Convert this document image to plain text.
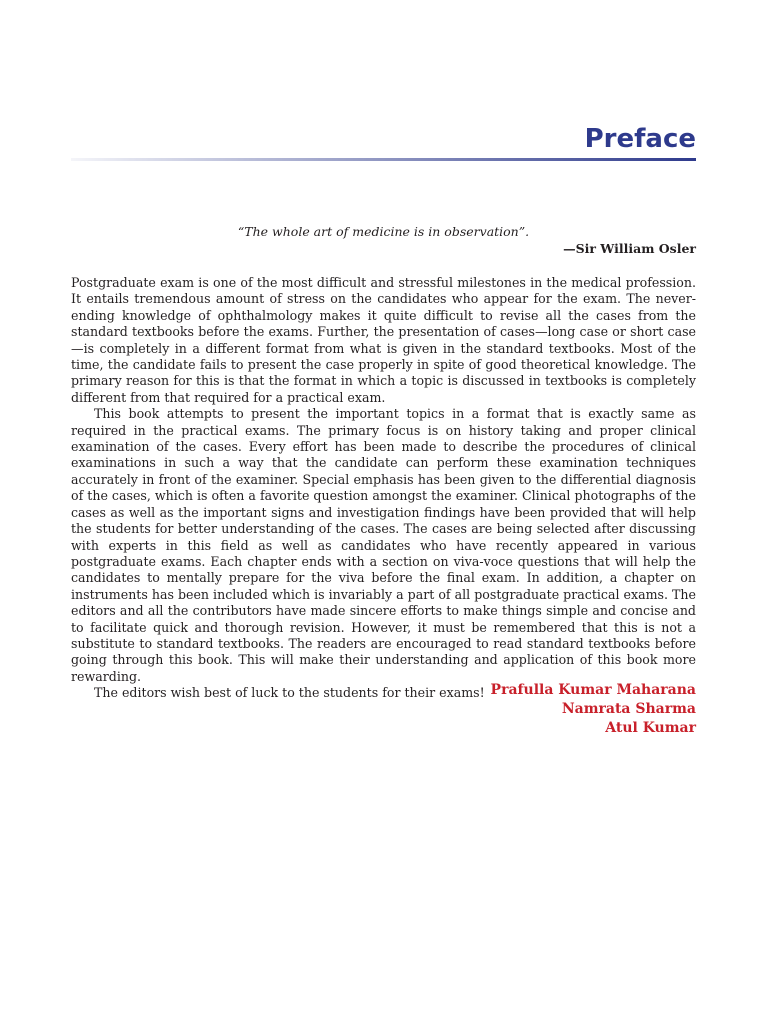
Preface

“The whole art of medicine is in observation”.

—Sir William Osler

Postgraduate exam is one of the most difficult and stressful milestones in the medical profession. It entails tremendous amount of stress on the candidates who appear for the exam. The never-ending knowledge of ophthalmology makes it quite difficult to revise all the cases from the standard textbooks before the exams. Further, the presentation of cases—long case or short case—is completely in a different format from what is given in the standard textbooks. Most of the time, the candidate fails to present the case properly in spite of good theoretical knowledge. The primary reason for this is that the format in which a topic is discussed in textbooks is completely different from that required for a practical exam.

This book attempts to present the important topics in a format that is exactly same as required in the practical exams. The primary focus is on history taking and proper clinical examination of the cases. Every effort has been made to describe the procedures of clinical examinations in such a way that the candidate can perform these examination techniques accurately in front of the examiner. Special emphasis has been given to the differential diagnosis of the cases, which is often a favorite question amongst the examiner. Clinical photographs of the cases as well as the important signs and investigation findings have been provided that will help the students for better understanding of the cases. The cases are being selected after discussing with experts in this field as well as candidates who have recently appeared in various postgraduate exams. Each chapter ends with a section on viva-voce questions that will help the candidates to mentally prepare for the viva before the final exam. In addition, a chapter on instruments has been included which is invariably a part of all postgraduate practical exams. The editors and all the contributors have made sincere efforts to make things simple and concise and to facilitate quick and thorough revision. However, it must be remembered that this is not a substitute to standard textbooks. The readers are encouraged to read standard textbooks before going through this book. This will make their understanding and application of this book more rewarding.

The editors wish best of luck to the students for their exams! Prafulla Kumar Maharana
Namrata Sharma
Atul Kumar
